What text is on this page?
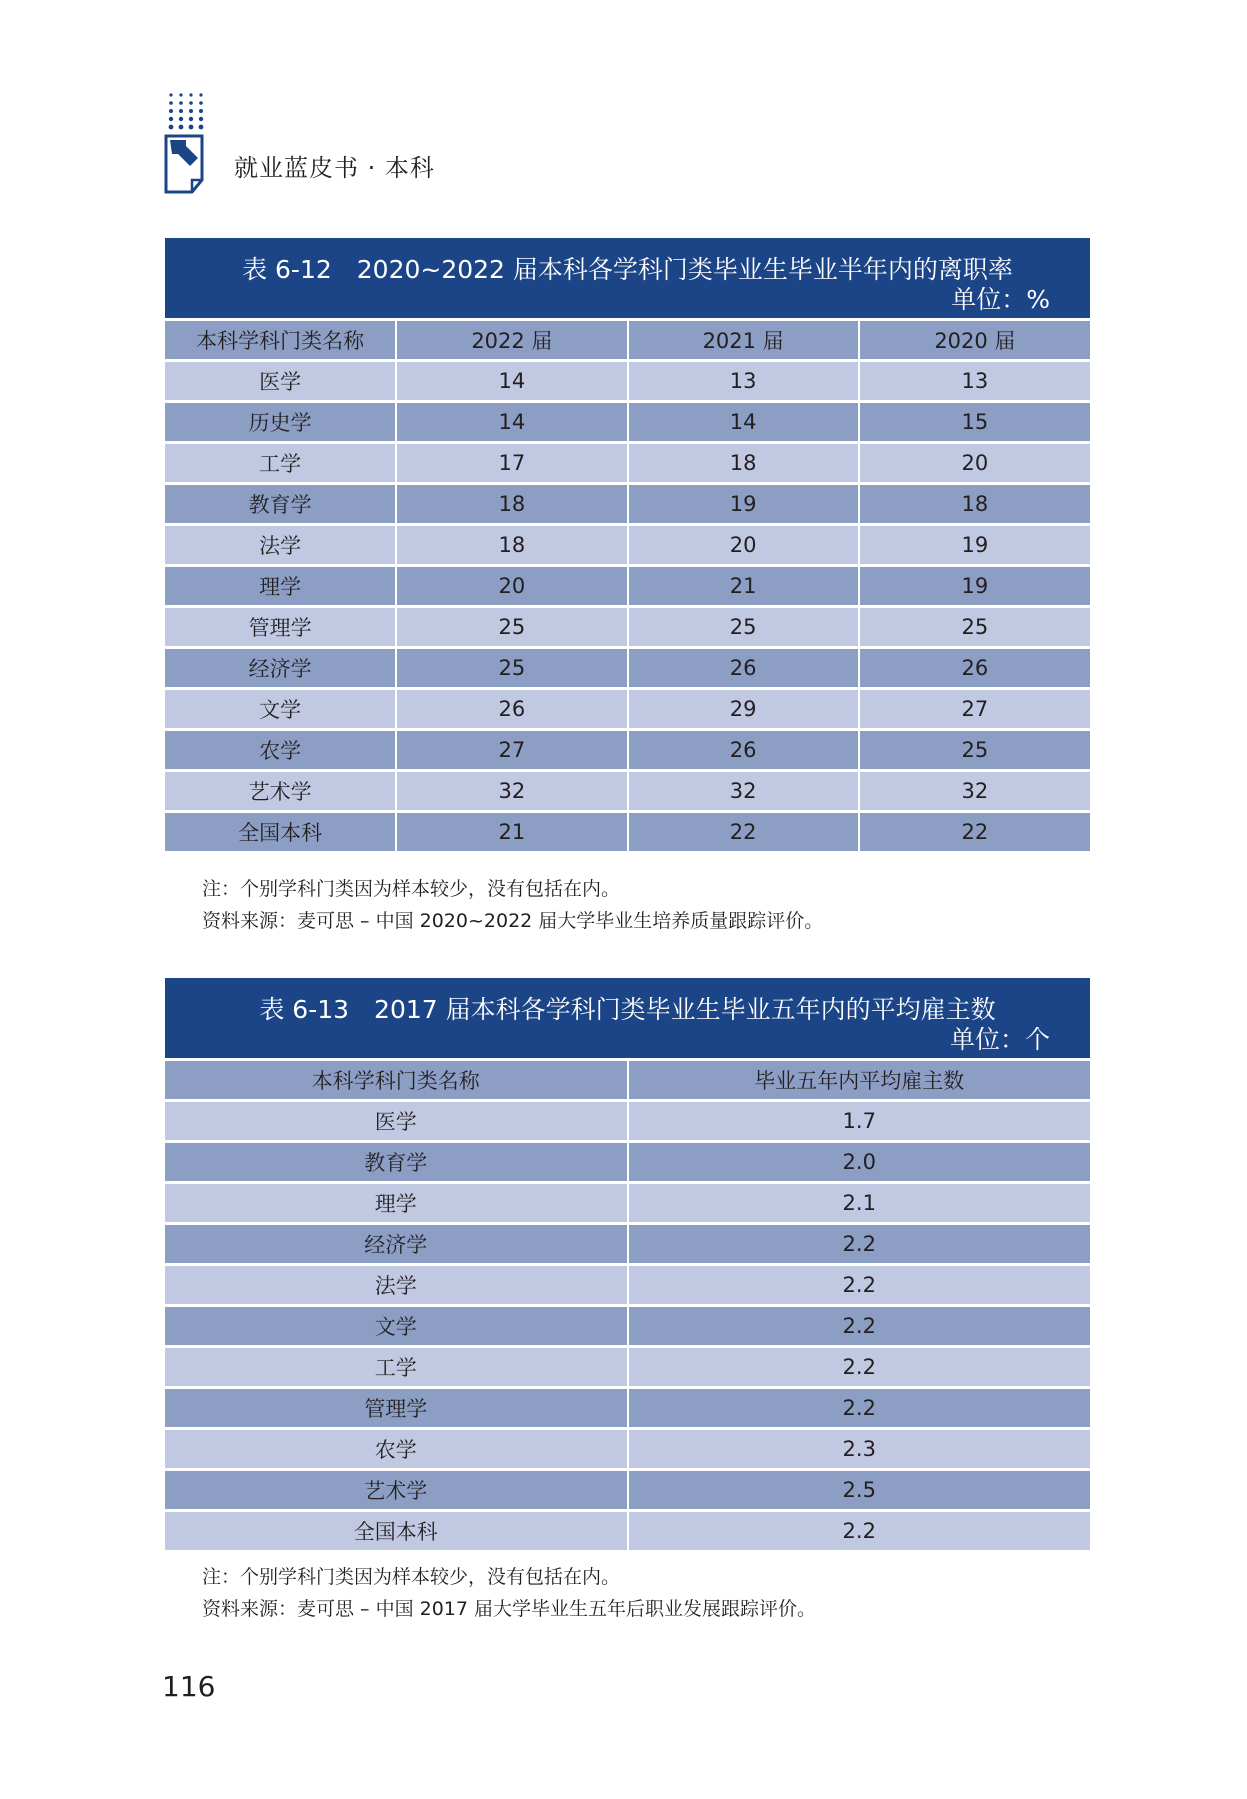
就业蓝皮书 · 本科
表 6-12　2020~2022 届本科各学科门类毕业生毕业半年内的离职率
单位：%
本科学科门类名称	2022 届	2021 届	2020 届
医学	14	13	13
历史学	14	14	15
工学	17	18	20
教育学	18	19	18
法学	18	20	19
理学	20	21	19
管理学	25	25	25
经济学	25	26	26
文学	26	29	27
农学	27	26	25
艺术学	32	32	32
全国本科	21	22	22
注：个别学科门类因为样本较少，没有包括在内。
资料来源：麦可思 – 中国 2020~2022 届大学毕业生培养质量跟踪评价。
表 6-13　2017 届本科各学科门类毕业生毕业五年内的平均雇主数
单位：个
本科学科门类名称	毕业五年内平均雇主数
医学	1.7
教育学	2.0
理学	2.1
经济学	2.2
法学	2.2
文学	2.2
工学	2.2
管理学	2.2
农学	2.3
艺术学	2.5
全国本科	2.2
注：个别学科门类因为样本较少，没有包括在内。
资料来源：麦可思 – 中国 2017 届大学毕业生五年后职业发展跟踪评价。
116
